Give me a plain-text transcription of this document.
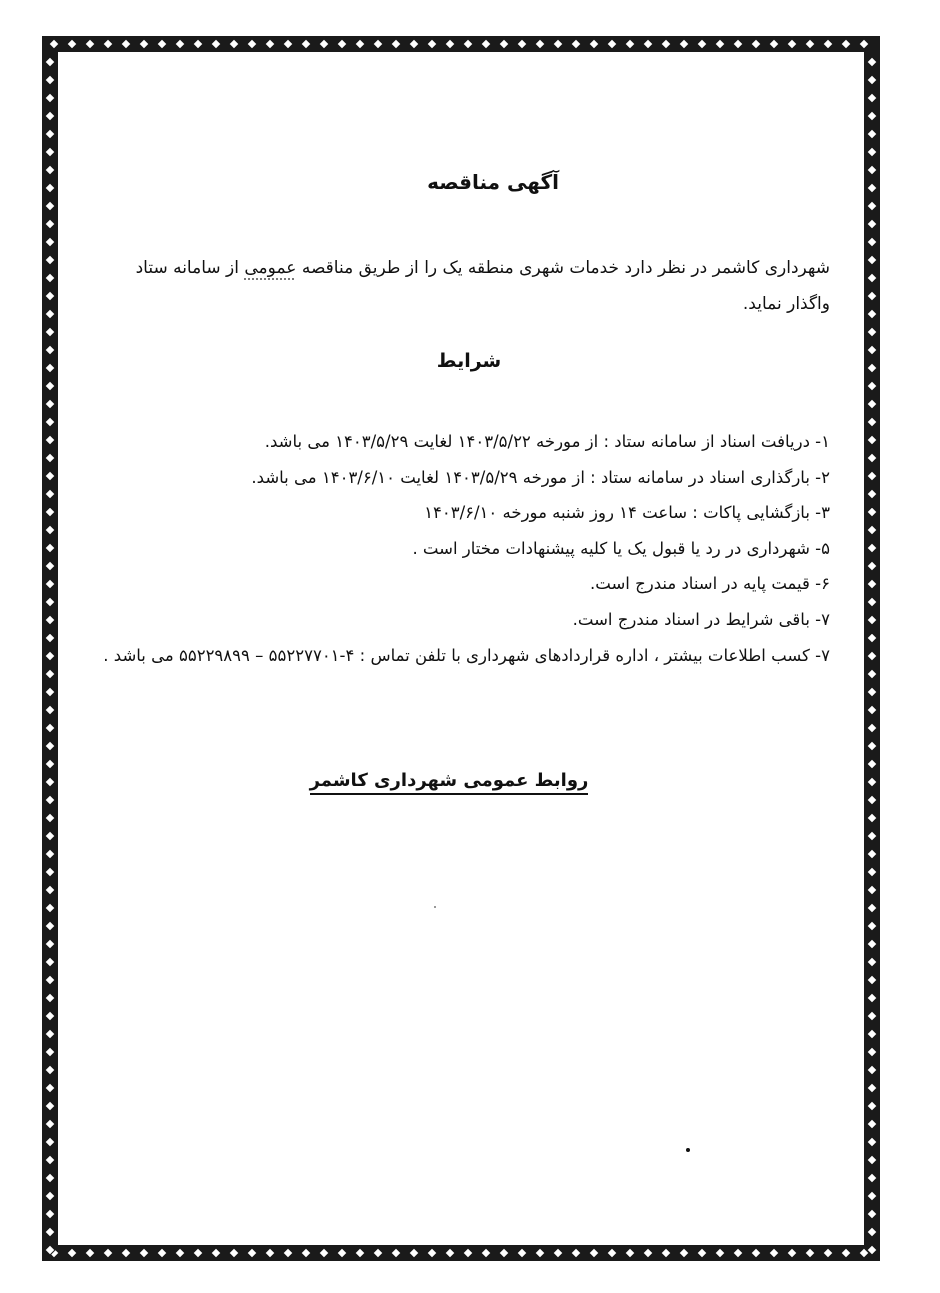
آگهی مناقصه

شهرداری کاشمر در نظر دارد خدمات شهری منطقه یک را از طریق مناقصه عمومی از سامانه ستاد واگذار نماید.

شرایط
۱- دریافت اسناد از سامانه ستاد : از مورخه ۱۴۰۳/۵/۲۲ لغایت ۱۴۰۳/۵/۲۹ می باشد.
۲- بارگذاری اسناد در سامانه ستاد : از مورخه ۱۴۰۳/۵/۲۹ لغایت ۱۴۰۳/۶/۱۰ می باشد.
۳- بازگشایی پاکات : ساعت ۱۴ روز شنبه مورخه ۱۴۰۳/۶/۱۰
۵- شهرداری در رد یا قبول یک یا کلیه پیشنهادات مختار است .
۶- قیمت پایه در اسناد مندرج است.
۷- باقی شرایط در اسناد مندرج است.
۷- کسب اطلاعات بیشتر ، اداره قراردادهای شهرداری با تلفن تماس : ۴-۵۵۲۲۷۷۰۱ – ۵۵۲۲۹۸۹۹ می باشد .
روابط عمومی شهرداری کاشمر
